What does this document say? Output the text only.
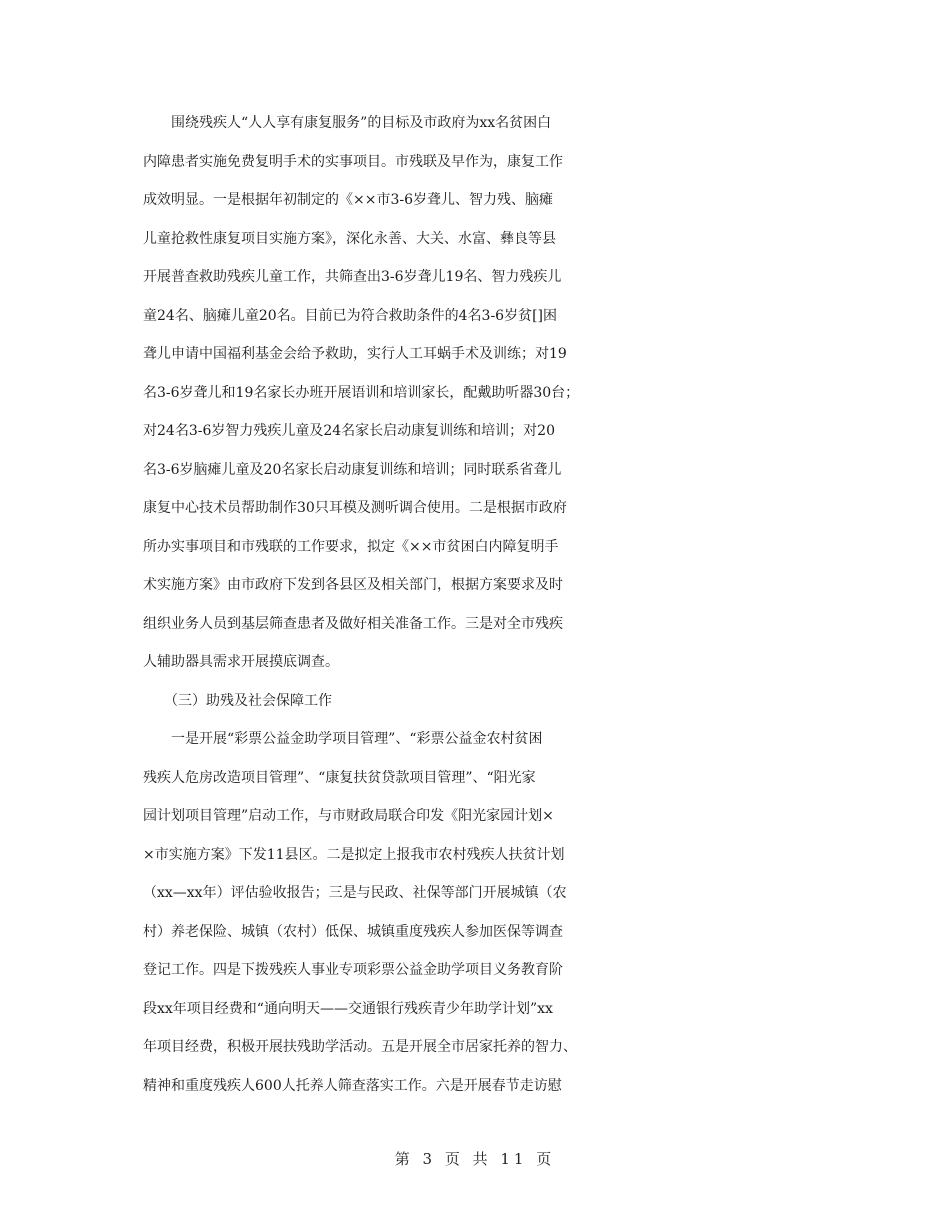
　　围绕残疾人“人人享有康复服务”的目标及市政府为xx名贫困白
内障患者实施免费复明手术的实事项目。市残联及早作为，康复工作
成效明显。一是根据年初制定的《××市3-6岁聋儿、智力残、脑瘫
儿童抢救性康复项目实施方案》，深化永善、大关、水富、彝良等县
开展普查救助残疾儿童工作，共筛查出3-6岁聋儿19名、智力残疾儿
童24名、脑瘫儿童20名。目前已为符合救助条件的4名3-6岁贫[]困
聋儿申请中国福利基金会给予救助，实行人工耳蜗手术及训练；对19
名3-6岁聋儿和19名家长办班开展语训和培训家长，配戴助听器30台；
对24名3-6岁智力残疾儿童及24名家长启动康复训练和培训；对20
名3-6岁脑瘫儿童及20名家长启动康复训练和培训；同时联系省聋儿
康复中心技术员帮助制作30只耳模及测听调合使用。二是根据市政府
所办实事项目和市残联的工作要求，拟定《××市贫困白内障复明手
术实施方案》由市政府下发到各县区及相关部门，根据方案要求及时
组织业务人员到基层筛查患者及做好相关准备工作。三是对全市残疾
人辅助器具需求开展摸底调查。
　　（三）助残及社会保障工作
　　一是开展“彩票公益金助学项目管理”、“彩票公益金农村贫困
残疾人危房改造项目管理”、“康复扶贫贷款项目管理”、“阳光家
园计划项目管理”启动工作，与市财政局联合印发《阳光家园计划×
×市实施方案》下发11县区。二是拟定上报我市农村残疾人扶贫计划
（xx—xx年）评估验收报告；三是与民政、社保等部门开展城镇（农
村）养老保险、城镇（农村）低保、城镇重度残疾人参加医保等调查
登记工作。四是下拨残疾人事业专项彩票公益金助学项目义务教育阶
段xx年项目经费和“通向明天——交通银行残疾青少年助学计划”xx
年项目经费，积极开展扶残助学活动。五是开展全市居家托养的智力、
精神和重度残疾人600人托养人筛查落实工作。六是开展春节走访慰
第 3 页 共 11 页
